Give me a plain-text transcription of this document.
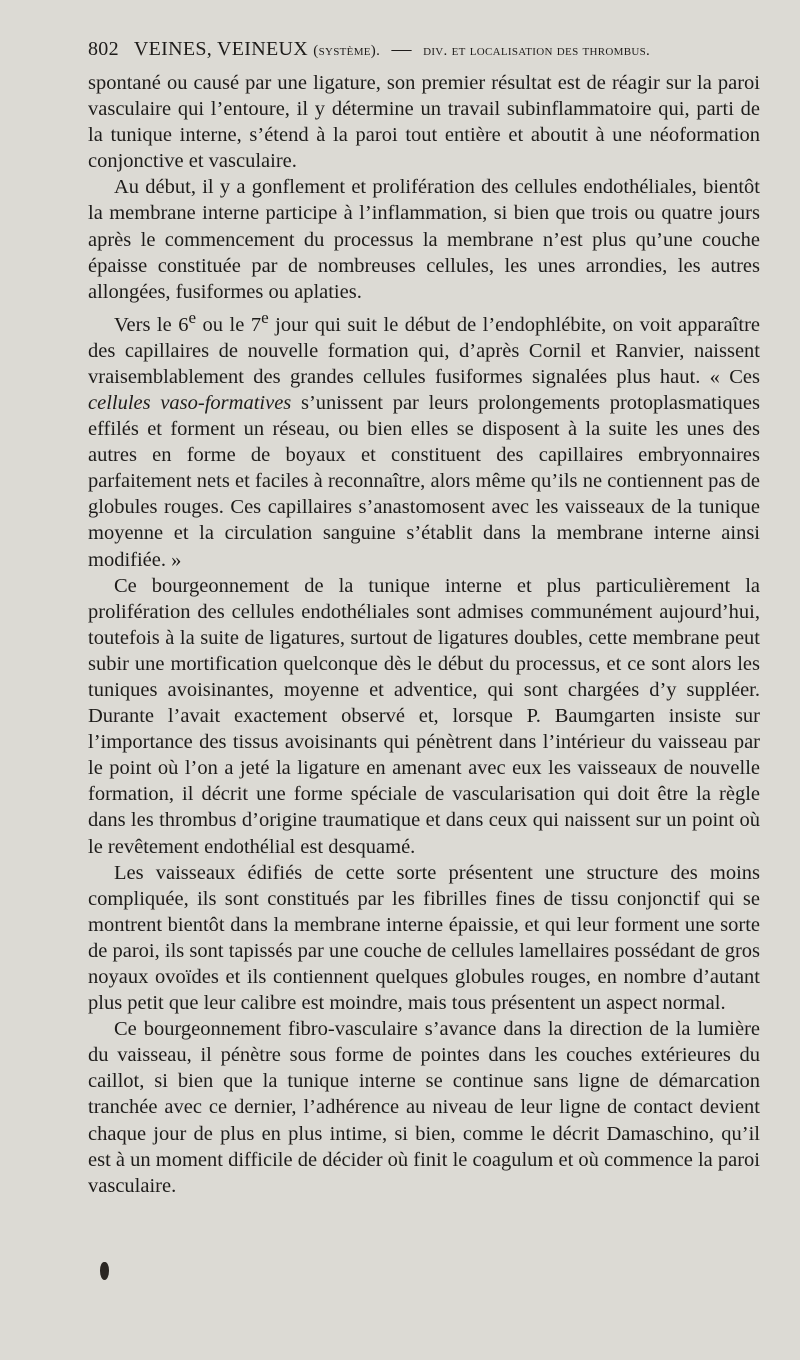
802 VEINES, VEINEUX (système). — div. et localisation des thrombus.

spontané ou causé par une ligature, son premier résultat est de réagir sur la paroi vasculaire qui l’entoure, il y détermine un travail subinflammatoire qui, parti de la tunique interne, s’étend à la paroi tout entière et aboutit à une néoformation conjonctive et vasculaire.

Au début, il y a gonflement et prolifération des cellules endothéliales, bientôt la membrane interne participe à l’inflammation, si bien que trois ou quatre jours après le commencement du processus la membrane n’est plus qu’une couche épaisse constituée par de nombreuses cellules, les unes arrondies, les autres allongées, fusiformes ou aplaties.

Vers le 6e ou le 7e jour qui suit le début de l’endophlébite, on voit apparaître des capillaires de nouvelle formation qui, d’après Cornil et Ranvier, naissent vraisemblablement des grandes cellules fusiformes signalées plus haut. « Ces cellules vaso-formatives s’unissent par leurs prolongements protoplasmatiques effilés et forment un réseau, ou bien elles se disposent à la suite les unes des autres en forme de boyaux et constituent des capillaires embryonnaires parfaitement nets et faciles à reconnaître, alors même qu’ils ne contiennent pas de globules rouges. Ces capillaires s’anastomosent avec les vaisseaux de la tunique moyenne et la circulation sanguine s’établit dans la membrane interne ainsi modifiée. »

Ce bourgeonnement de la tunique interne et plus particulièrement la prolifération des cellules endothéliales sont admises communément aujourd’hui, toutefois à la suite de ligatures, surtout de ligatures doubles, cette membrane peut subir une mortification quelconque dès le début du processus, et ce sont alors les tuniques avoisinantes, moyenne et adventice, qui sont chargées d’y suppléer. Durante l’avait exactement observé et, lorsque P. Baumgarten insiste sur l’importance des tissus avoisinants qui pénètrent dans l’intérieur du vaisseau par le point où l’on a jeté la ligature en amenant avec eux les vaisseaux de nouvelle formation, il décrit une forme spéciale de vascularisation qui doit être la règle dans les thrombus d’origine traumatique et dans ceux qui naissent sur un point où le revêtement endothélial est desquamé.

Les vaisseaux édifiés de cette sorte présentent une structure des moins compliquée, ils sont constitués par les fibrilles fines de tissu conjonctif qui se montrent bientôt dans la membrane interne épaissie, et qui leur forment une sorte de paroi, ils sont tapissés par une couche de cellules lamellaires possédant de gros noyaux ovoïdes et ils contiennent quelques globules rouges, en nombre d’autant plus petit que leur calibre est moindre, mais tous présentent un aspect normal.

Ce bourgeonnement fibro-vasculaire s’avance dans la direction de la lumière du vaisseau, il pénètre sous forme de pointes dans les couches extérieures du caillot, si bien que la tunique interne se continue sans ligne de démarcation tranchée avec ce dernier, l’adhérence au niveau de leur ligne de contact devient chaque jour de plus en plus intime, si bien, comme le décrit Damaschino, qu’il est à un moment difficile de décider où finit le coagulum et où commence la paroi vasculaire.
